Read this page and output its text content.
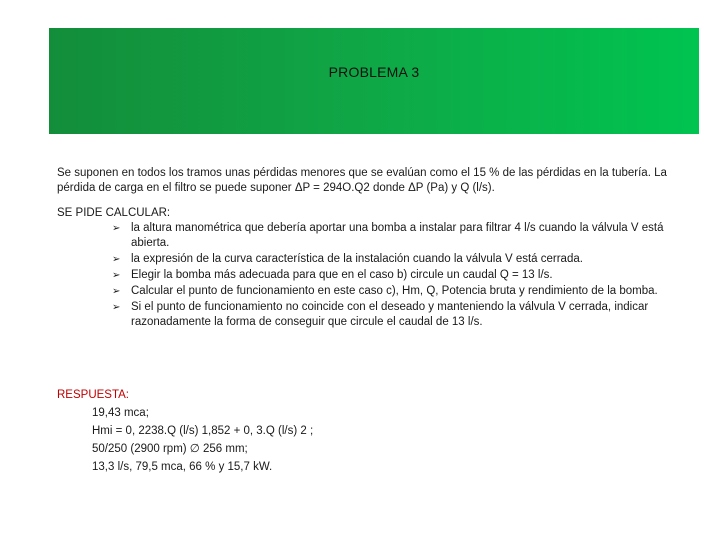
PROBLEMA 3

Se suponen en todos los tramos unas pérdidas menores que se evalúan como el 15 % de las pérdidas en la tubería. La pérdida de carga en el filtro se puede suponer ΔP = 294O.Q2 donde ΔP (Pa) y Q (l/s).

SE PIDE CALCULAR:

➢ la altura manométrica que debería aportar una bomba a instalar para filtrar 4 l/s cuando la válvula V está abierta.
➢ la expresión de la curva característica de la instalación cuando la válvula V está cerrada.
➢ Elegir la bomba más adecuada para que en el caso b) circule un caudal Q = 13 l/s.
➢ Calcular el punto de funcionamiento en este caso c), Hm, Q, Potencia bruta y rendimiento de la bomba.
➢ Si el punto de funcionamiento no coincide con el deseado y manteniendo la válvula V cerrada, indicar razonadamente la forma de conseguir que circule el caudal de 13 l/s.

RESPUESTA:

19,43 mca;
Hmi = 0, 2238.Q (l/s) 1,852 + 0, 3.Q (l/s) 2 ;
50/250 (2900 rpm) ∅ 256 mm;
13,3 l/s, 79,5 mca, 66 % y 15,7 kW.
